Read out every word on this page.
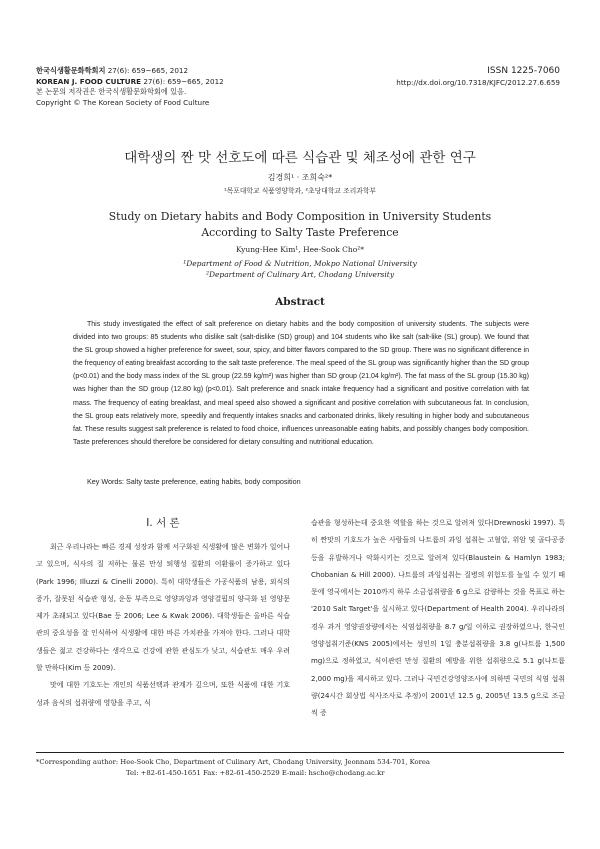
한국식생활문화학회지 27(6): 659~665, 2012
KOREAN J. FOOD CULTURE 27(6): 659~665, 2012
본 논문의 저작권은 한국식생활문화학회에 있음.
Copyright © The Korean Society of Food Culture
ISSN 1225-7060
http://dx.doi.org/10.7318/KJFC/2012.27.6.659
대학생의 짠 맛 선호도에 따른 식습관 및 체조성에 관한 연구
김경희¹ · 조희숙²*
¹목포대학교 식품영양학과, ²초당대학교 조리과학부
Study on Dietary habits and Body Composition in University Students
According to Salty Taste Preference
Kyung-Hee Kim¹, Hee-Sook Cho²*
¹Department of Food & Nutrition, Mokpo National University
²Department of Culinary Art, Chodang University
Abstract
This study investigated the effect of salt preference on dietary habits and the body composition of university students. The subjects were divided into two groups: 85 students who dislike salt (salt-dislike (SD) group) and 104 students who like salt (salt-like (SL) group). We found that the SL group showed a higher preference for sweet, sour, spicy, and bitter flavors compared to the SD group. There was no significant difference in the frequency of eating breakfast according to the salt taste preference. The meal speed of the SL group was significantly higher than the SD group (p<0.01) and the body mass index of the SL group (22.59 kg/m²) was higher than SD group (21.04 kg/m²). The fat mass of the SL group (15.30 kg) was higher than the SD group (12.80 kg) (p<0.01). Salt preference and snack intake frequency had a significant and positive correlation with fat mass. The frequency of eating breakfast, and meal speed also showed a significant and positive correlation with subcutaneous fat. In conclusion, the SL group eats relatively more, speedily and frequently intakes snacks and carbonated drinks, likely resulting in higher body and subcutaneous fat. These results suggest salt preference is related to food choice, influences unreasonable eating habits, and possibly changes body composition. Taste preferences should therefore be considered for dietary consulting and nutritional education.
Key Words: Salty taste preference, eating habits, body composition
Ⅰ. 서 론

최근 우리나라는 빠른 경제 성장과 함께 서구화된 식생활에 많은 변화가 일어나고 있으며, 식사의 질 저하는 물론 만성 퇴행성 질환의 이환률이 증가하고 있다(Park 1996; Illuzzi & Cinelli 2000). 특히 대학생들은 가공식품의 남용, 외식의 증가, 잘못된 식습관 형성, 운동 부족으로 영양과잉과 영양결핍의 양극화 된 영양문제가 초래되고 있다(Bae 등 2006; Lee & Kwak 2006). 대학생들은 올바른 식습관의 중요성을 잘 인식하여 식생활에 대한 바른 가치관을 가져야 한다. 그러나 대학생들은 젊고 건강하다는 생각으로 건강에 관한 관심도가 낮고, 식습관도 매우 우려할 만하다(Kim 등 2009).

맛에 대한 기호도는 개인의 식품선택과 관계가 깊으며, 또한 식품에 대한 기호성과 음식의 섭취량에 영향을 주고, 식

습관을 형성하는데 중요한 역할을 하는 것으로 알려져 있다(Drewnoski 1997). 특히 짠맛의 기호도가 높은 사람들의 나트륨의 과잉 섭취는 고혈압, 위암 및 골다공증 등을 유발하거나 악화시키는 것으로 알려져 있다(Blaustein & Hamlyn 1983; Chobanian & Hill 2000). 나트륨의 과잉섭취는 질병의 위험도를 높일 수 있기 때문에 영국에서는 2010까지 하루 소금섭취량을 6 g으로 감량하는 것을 목표로 하는 '2010 Salt Target'을 실시하고 있다(Department of Health 2004). 우리나라의 경우 과거 영양권장량에서는 식염섭취량을 8.7 g/일 이하로 권장하였으나, 한국인영양섭취기준(KNS 2005)에서는 성인의 1일 충분섭취량을 3.8 g(나트륨 1,500 mg)으로 정하였고, 식이관련 만성 질환의 예방을 위한 섭취량으로 5.1 g(나트륨 2,000 mg)을 제시하고 있다. 그러나 국민건강영양조사에 의하면 국민의 식염 섭취량(24시간 회상법 식사조사로 추정)이 2001년 12.5 g, 2005년 13.5 g으로 조금씩 증

*Corresponding author: Hee-Sook Cho, Department of Culinary Art, Chodang University, Jeonnam 534-701, Korea
Tel: +82-61-450-1651 Fax: +82-61-450-2529 E-mail: hscho@chodang.ac.kr
